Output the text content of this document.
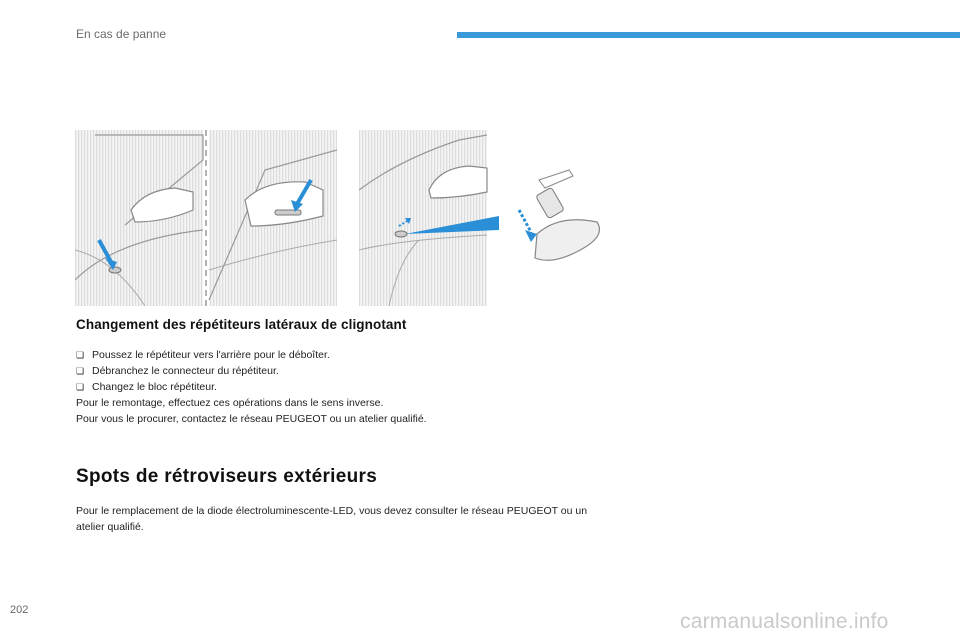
En cas de panne
Changement des répétiteurs latéraux de clignotant
❏ Poussez le répétiteur vers l'arrière pour le déboîter.
❏ Débranchez le connecteur du répétiteur.
❏ Changez le bloc répétiteur.
Pour le remontage, effectuez ces opérations dans le sens inverse.
Pour vous le procurer, contactez le réseau PEUGEOT ou un atelier qualifié.
Spots de rétroviseurs extérieurs
Pour le remplacement de la diode électroluminescente-LED, vous devez consulter le réseau PEUGEOT ou un atelier qualifié.
202	carmanualsonline.info
